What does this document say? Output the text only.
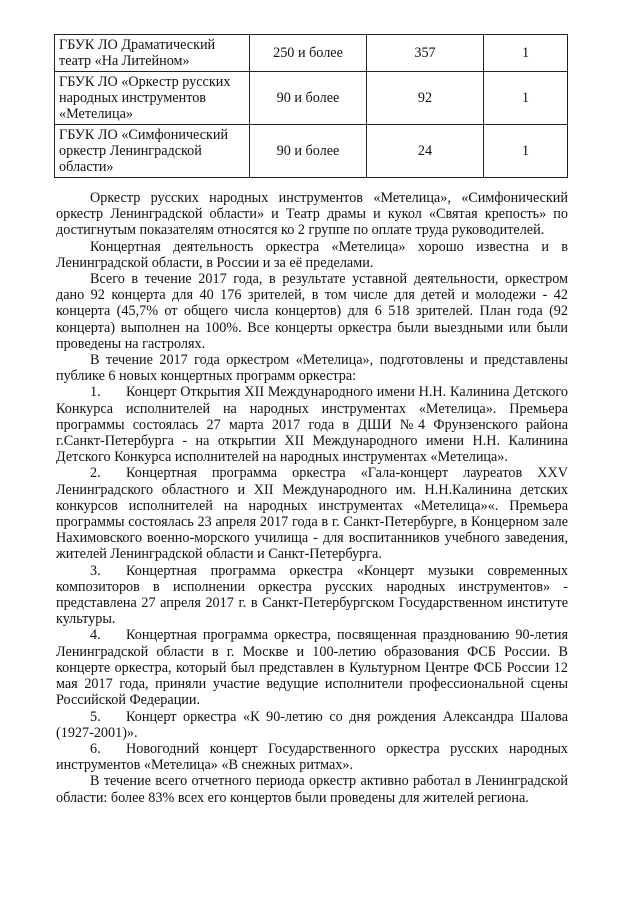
ГБУК ЛО Драматический
театр «На Литейном»	250 и более	357	1

ГБУК ЛО «Оркестр русских
народных инструментов
«Метелица»	90 и более	92	1

ГБУК ЛО «Симфонический
оркестр Ленинградской
области»	90 и более	24	1

Оркестр русских народных инструментов «Метелица», «Симфонический оркестр Ленинградской области» и Театр драмы и кукол «Святая крепость» по достигнутым показателям относятся ко 2 группе по оплате труда руководителей.

Концертная деятельность оркестра «Метелица» хорошо известна и в Ленинградской области, в России и за её пределами.

Всего в течение 2017 года, в результате уставной деятельности, оркестром дано 92 концерта для 40 176 зрителей, в том числе для детей и молодежи - 42 концерта (45,7% от общего числа концертов) для 6 518 зрителей. План года (92 концерта) выполнен на 100%. Все концерты оркестра были выездными или были проведены на гастролях.

В течение 2017 года оркестром «Метелица», подготовлены и представлены публике 6 новых концертных программ оркестра:

1. Концерт Открытия XII Международного имени Н.Н. Калинина Детского Конкурса исполнителей на народных инструментах «Метелица». Премьера программы состоялась 27 марта 2017 года в ДШИ №4 Фрунзенского района г.Санкт-Петербурга - на открытии XII Международного имени Н.Н. Калинина Детского Конкурса исполнителей на народных инструментах «Метелица».

2. Концертная программа оркестра «Гала-концерт лауреатов XXV Ленинградского областного и XII Международного им. Н.Н.Калинина детских конкурсов исполнителей на народных инструментах «Метелица»«. Премьера программы состоялась 23 апреля 2017 года в г. Санкт-Петербурге, в Концерном зале Нахимовского военно-морского училища - для воспитанников учебного заведения, жителей Ленинградской области и Санкт-Петербурга.

3. Концертная программа оркестра «Концерт музыки современных композиторов в исполнении оркестра русских народных инструментов» - представлена 27 апреля 2017 г. в Санкт-Петербургском Государственном институте культуры.

4. Концертная программа оркестра, посвященная празднованию 90-летия Ленинградской области в г. Москве и 100-летию образования ФСБ России. В концерте оркестра, который был представлен в Культурном Центре ФСБ России 12 мая 2017 года, приняли участие ведущие исполнители профессиональной сцены Российской Федерации.

5. Концерт оркестра «К 90-летию со дня рождения Александра Шалова (1927-2001)».

6. Новогодний концерт Государственного оркестра русских народных инструментов «Метелица» «В снежных ритмах».

В течение всего отчетного периода оркестр активно работал в Ленинградской области: более 83% всех его концертов были проведены для жителей региона.
